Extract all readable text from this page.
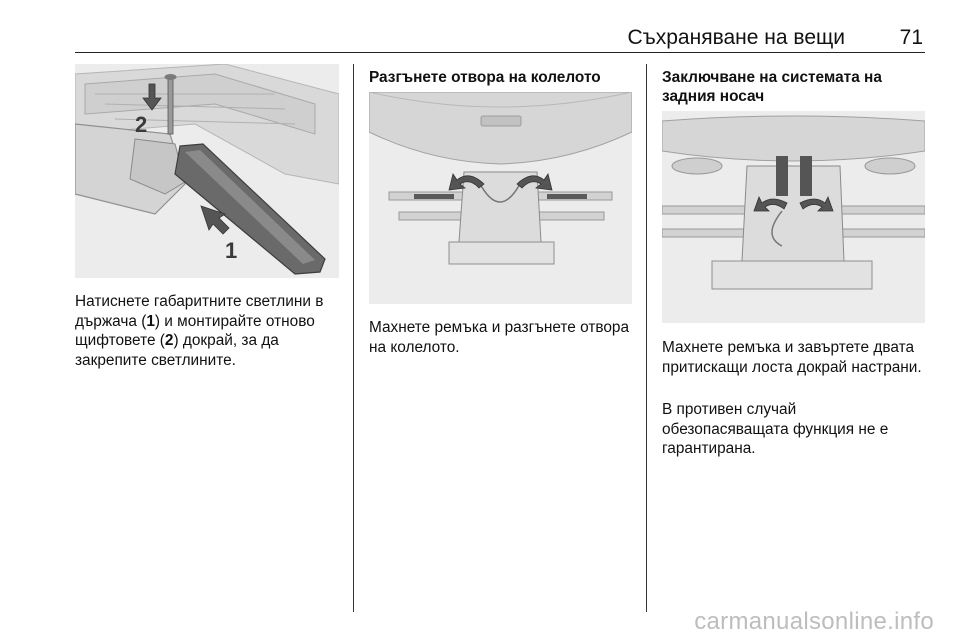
Съхраняване на вещи	71
2
1
Натиснете габаритните светлини в държача (1) и монтирайте отново щифтовете (2) докрай, за да закрепите светлините.
Разгънете отвора на колелото
Махнете ремъка и разгънете отвора на колелото.
Заключване на системата на задния носач
Махнете ремъка и завъртете двата притискащи лоста докрай настрани.
В противен случай обезопасяващата функция не е гарантирана.
carmanualsonline.info
